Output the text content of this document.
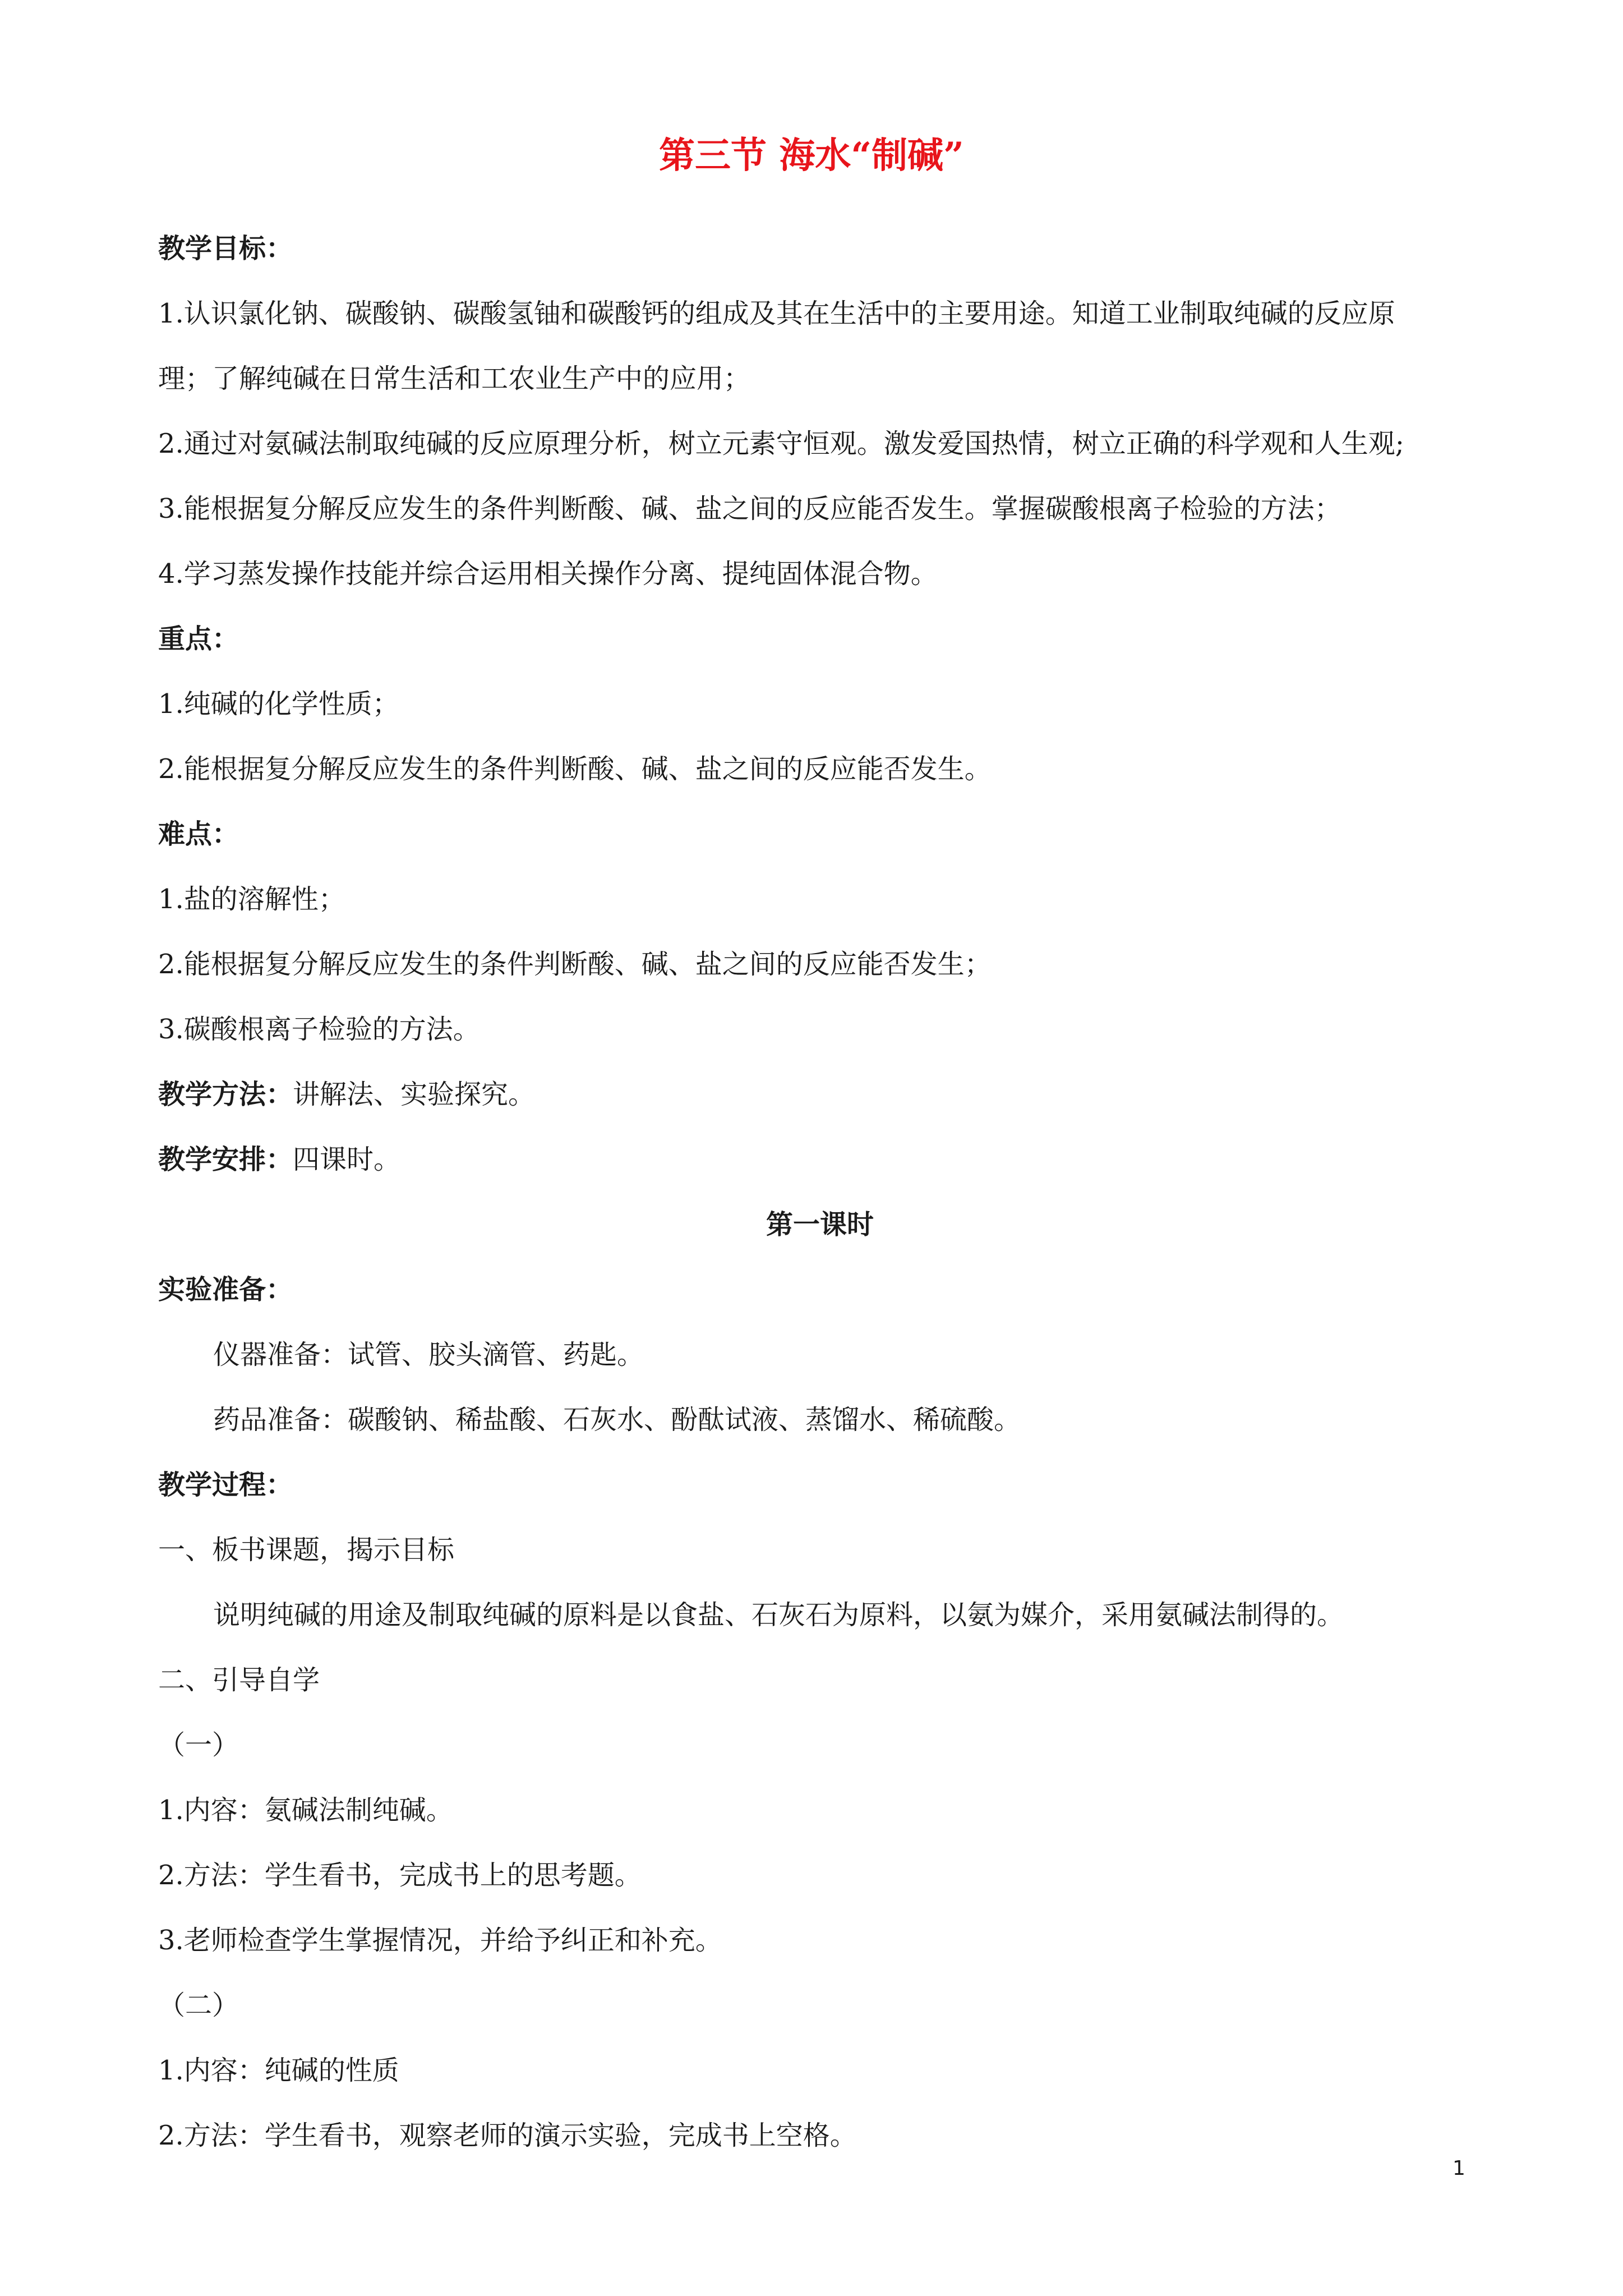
第三节 海水“制碱”

教学目标：

1.认识氯化钠、碳酸钠、碳酸氢铀和碳酸钙的组成及其在生活中的主要用途。知道工业制取纯碱的反应原

理；了解纯碱在日常生活和工农业生产中的应用；

2.通过对氨碱法制取纯碱的反应原理分析，树立元素守恒观。激发爱国热情，树立正确的科学观和人生观;

3.能根据复分解反应发生的条件判断酸、碱、盐之间的反应能否发生。掌握碳酸根离子检验的方法；

4.学习蒸发操作技能并综合运用相关操作分离、提纯固体混合物。

重点：

1.纯碱的化学性质；

2.能根据复分解反应发生的条件判断酸、碱、盐之间的反应能否发生。

难点：

1.盐的溶解性；

2.能根据复分解反应发生的条件判断酸、碱、盐之间的反应能否发生；

3.碳酸根离子检验的方法。

教学方法：讲解法、实验探究。

教学安排：四课时。

第一课时

实验准备：

仪器准备：试管、胶头滴管、药匙。

药品准备：碳酸钠、稀盐酸、石灰水、酚酞试液、蒸馏水、稀硫酸。

教学过程：

一、板书课题，揭示目标

说明纯碱的用途及制取纯碱的原料是以食盐、石灰石为原料，以氨为媒介，采用氨碱法制得的。

二、引导自学

（一）

1.内容：氨碱法制纯碱。

2.方法：学生看书，完成书上的思考题。

3.老师检查学生掌握情况，并给予纠正和补充。

（二）

1.内容：纯碱的性质

2.方法：学生看书，观察老师的演示实验，完成书上空格。

1
